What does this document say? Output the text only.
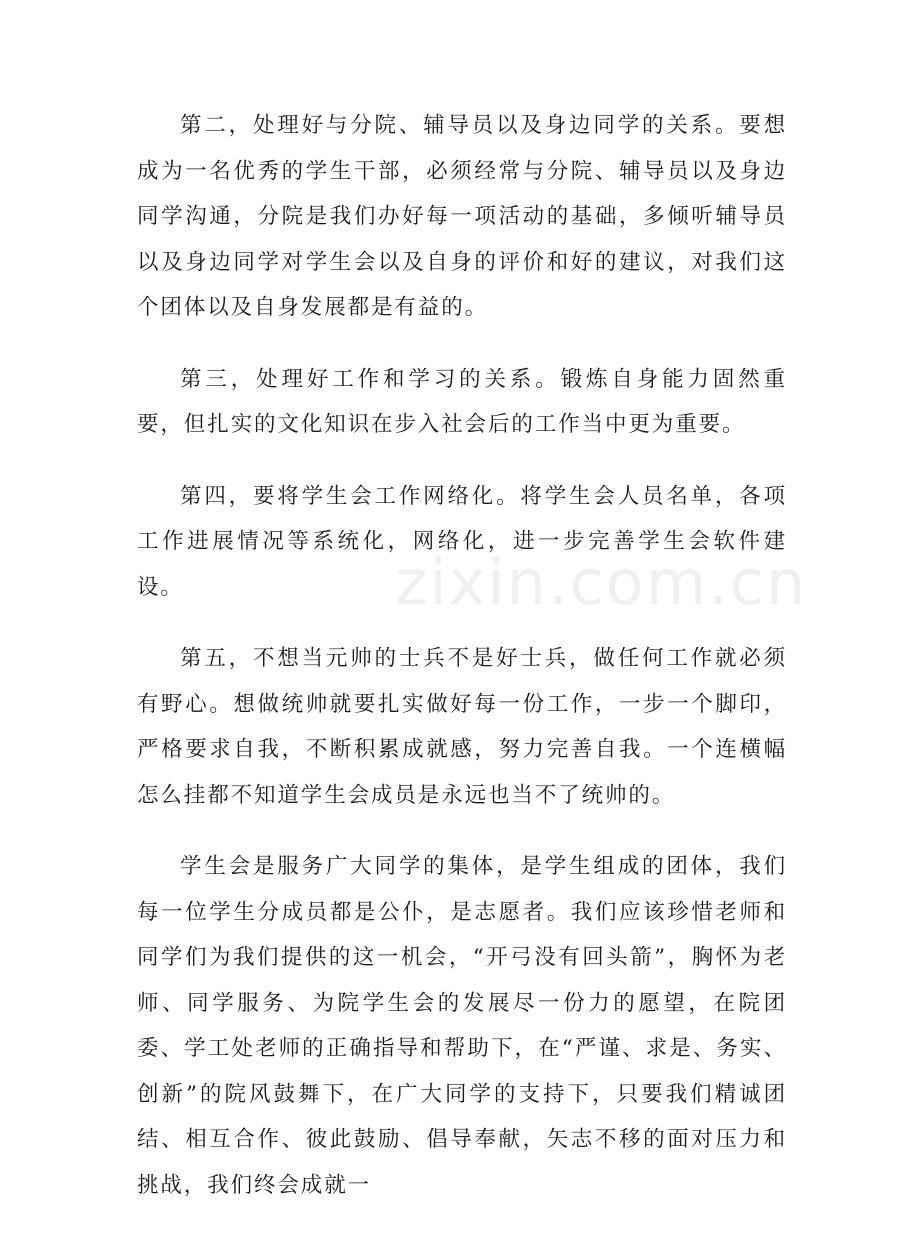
第二，处理好与分院、辅导员以及身边同学的关系。要想成为一名优秀的学生干部，必须经常与分院、辅导员以及身边同学沟通，分院是我们办好每一项活动的基础，多倾听辅导员以及身边同学对学生会以及自身的评价和好的建议，对我们这个团体以及自身发展都是有益的。

第三，处理好工作和学习的关系。锻炼自身能力固然重要，但扎实的文化知识在步入社会后的工作当中更为重要。

第四，要将学生会工作网络化。将学生会人员名单，各项工作进展情况等系统化，网络化，进一步完善学生会软件建设。

第五，不想当元帅的士兵不是好士兵，做任何工作就必须有野心。想做统帅就要扎实做好每一份工作，一步一个脚印，严格要求自我，不断积累成就感，努力完善自我。一个连横幅怎么挂都不知道学生会成员是永远也当不了统帅的。

学生会是服务广大同学的集体，是学生组成的团体，我们每一位学生分成员都是公仆，是志愿者。我们应该珍惜老师和同学们为我们提供的这一机会，“开弓没有回头箭”，胸怀为老师、同学服务、为院学生会的发展尽一份力的愿望，在院团委、学工处老师的正确指导和帮助下，在“严谨、求是、务实、创新”的院风鼓舞下，在广大同学的支持下，只要我们精诚团结、相互合作、彼此鼓励、倡导奉献，矢志不移的面对压力和挑战，我们终会成就一

zixin.com.cn
